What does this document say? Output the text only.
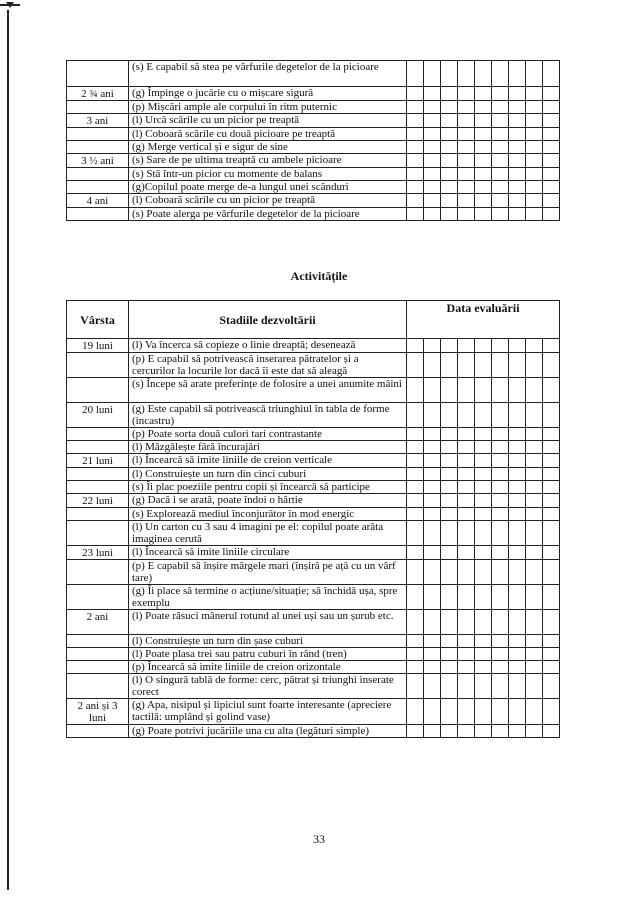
	(s) E capabil să stea pe vârfurile degetelor de la picioare									
2 ¾ ani	(g) Împinge o jucărie cu o mișcare sigură									
	(p) Mișcări ample ale corpului în ritm puternic									
3 ani	(l) Urcă scările cu un picior pe treaptă									
	(l) Coboară scările cu două picioare pe treaptă									
	(g) Merge vertical și e sigur de sine									
3 ½ ani	(s) Sare de pe ultima treaptă cu ambele picioare									
	(s) Stă într-un picior cu momente de balans									
	(g)Copilul poate merge de-a lungul unei scânduri									
4 ani	(l) Coboară scările cu un picior pe treaptă									
	(s) Poate alerga pe vârfurile degetelor de la picioare									
Activitățile
Vârsta	Stadiile dezvoltării	Data evaluării								
19 luni	(l) Va încerca să copieze o linie dreaptă; desenează									
	(p) E capabil să potrivească inserarea pătratelor și a cercurilor la locurile lor dacă îi este dat să aleagă									
	(s) Începe să arate preferințe de folosire a unei anumite mâini									
20 luni	(g) Este capabil să potrivească triunghiul în tabla de forme (incastru)									
	(p) Poate sorta două culori tari contrastante									
	(l) Mâzgălește fără încurajări									
21 luni	(l) Încearcă să imite liniile de creion verticale									
	(l) Construiește un turn din cinci cuburi									
	(s) Îi plac poeziile pentru copii și încearcă să participe									
22 luni	(g) Dacă i se arată, poate îndoi o hârtie									
	(s) Explorează mediul înconjurător în mod energic									
	(l) Un carton cu 3 sau 4 imagini pe el: copilul poate arăta imaginea cerută									
23 luni	(l) Încearcă să imite liniile circulare									
	(p) E capabil să înșire mărgele mari (înșiră pe ață cu un vârf tare)									
	(g) Îi place să termine o acțiune/situație; să închidă ușa, spre exemplu									
2 ani	(l) Poate răsuci mânerul rotund al unei uși sau un șurub etc.									
	(l) Construiește un turn din șase cuburi									
	(l) Poate plasa trei sau patru cuburi în rând (tren)									
	(p) Încearcă să imite liniile de creion orizontale									
	(l) O singură tablă de forme: cerc, pătrat și triunghi inserate corect									
2 ani și 3 luni	(g) Apa, nisipul și lipiciul sunt foarte interesante (apreciere tactilă: umplând și golind vase)									
	(g) Poate potrivi jucăriile una cu alta (legături simple)									
33
